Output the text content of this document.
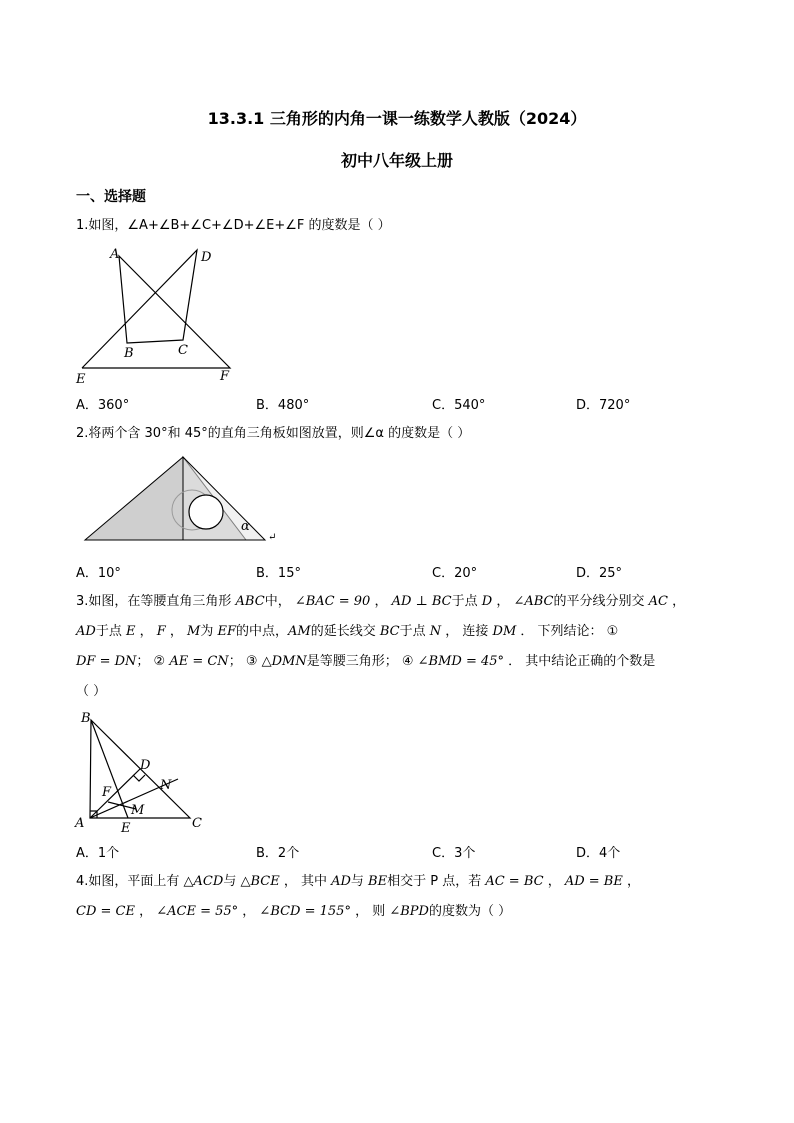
13.3.1 三角形的内角一课一练数学人教版（2024）
初中八年级上册
一、选择题
1.如图，∠A+∠B+∠C+∠D+∠E+∠F 的度数是（ ）
A	D
B	C
E	F
A．360°	B．480°	C．540°	D．720°
2.将两个含 30°和 45°的直角三角板如图放置，则∠α 的度数是（ ）
α
↵
A．10°	B．15°	C．20°	D．25°
3.如图，在等腰直角三角形 ABC中， ∠BAC = 90 ， AD ⊥ BC于点 D ， ∠ABC的平分线分别交 AC ，
AD于点 E ， F ， M为 EF的中点，AM的延长线交 BC于点 N ， 连接 DM ． 下列结论： ①
DF = DN； ② AE = CN； ③ △DMN是等腰三角形； ④ ∠BMD = 45° ． 其中结论正确的个数是
（ ）
B
D
N
F
M
A	E	C
A．1个	B．2个	C．3个	D．4个
4.如图，平面上有 △ACD与 △BCE ， 其中 AD与 BE相交于 P 点，若 AC = BC ， AD = BE ，
CD = CE ， ∠ACE = 55° ， ∠BCD = 155° ， 则 ∠BPD的度数为（ ）
